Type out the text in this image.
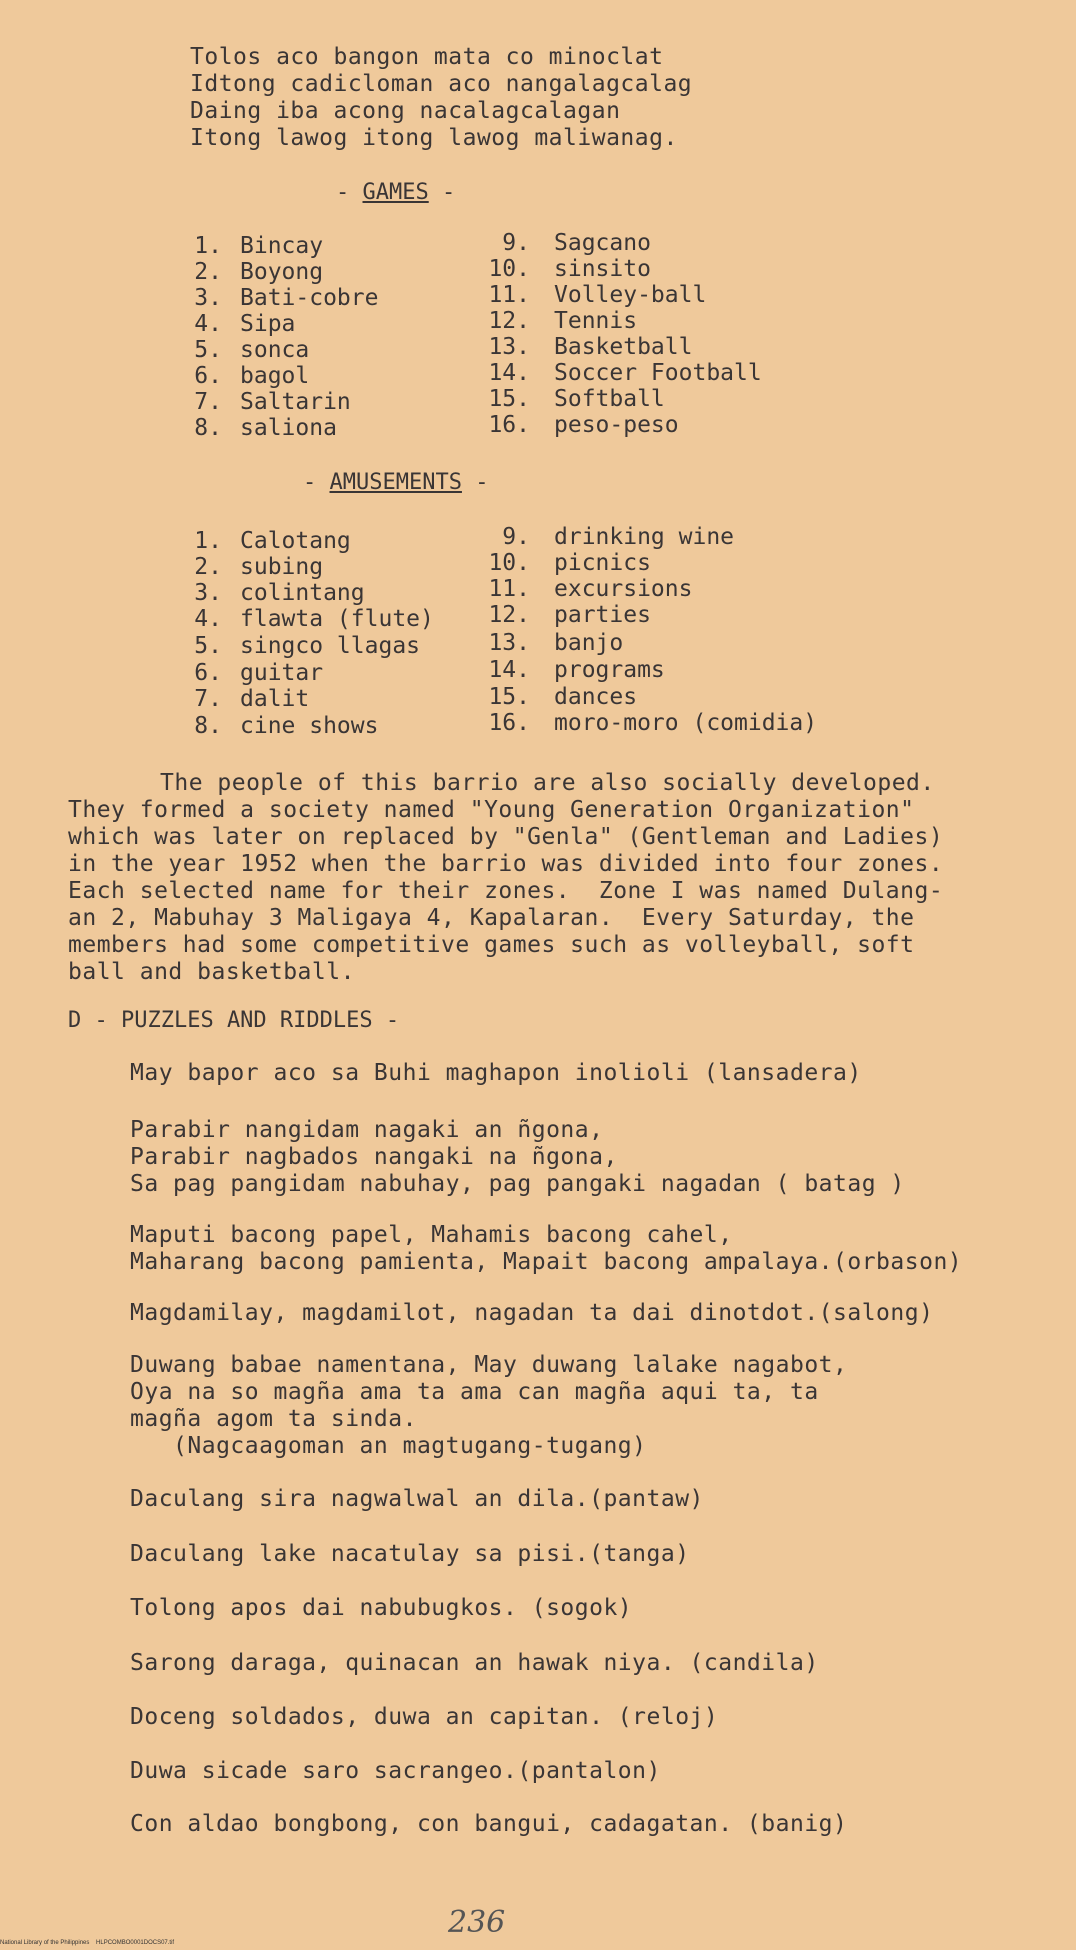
Tolos aco bangon mata co minoclat
Idtong cadicloman aco nangalagcalag
Daing iba acong nacalagcalagan
Itong lawog itong lawog maliwanag.
- GAMES -
1. Bincay
2. Boyong
3. Bati-cobre
4. Sipa
5. sonca
6. bagol
7. Saltarin
8. saliona
9. Sagcano
10. sinsito
11. Volley-ball
12. Tennis
13. Basketball
14. Soccer Football
15. Softball
16. peso-peso
- AMUSEMENTS -
1. Calotang
2. subing
3. colintang
4. flawta (flute)
5. singco llagas
6. guitar
7. dalit
8. cine shows
9. drinking wine
10. picnics
11. excursions
12. parties
13. banjo
14. programs
15. dances
16. moro-moro (comidia)
The people of this barrio are also socially developed.
They formed a society named "Young Generation Organization"
which was later on replaced by "Genla" (Gentleman and Ladies)
in the year 1952 when the barrio was divided into four zones.
Each selected name for their zones.  Zone I was named Dulang-
an 2, Mabuhay 3 Maligaya 4, Kapalaran.  Every Saturday, the
members had some competitive games such as volleyball, soft
ball and basketball.
D - PUZZLES AND RIDDLES -
May bapor aco sa Buhi maghapon inolioli (lansadera)
Parabir nangidam nagaki an ñgona,
Parabir nagbados nangaki na ñgona,
Sa pag pangidam nabuhay, pag pangaki nagadan ( batag )
Maputi bacong papel, Mahamis bacong cahel,
Maharang bacong pamienta, Mapait bacong ampalaya.(orbason)
Magdamilay, magdamilot, nagadan ta dai dinotdot.(salong)
Duwang babae namentana, May duwang lalake nagabot,
Oya na so magña ama ta ama can magña aqui ta, ta
magña agom ta sinda.
(Nagcaagoman an magtugang-tugang)
Daculang sira nagwalwal an dila.(pantaw)
Daculang lake nacatulay sa pisi.(tanga)
Tolong apos dai nabubugkos. (sogok)
Sarong daraga, quinacan an hawak niya. (candila)
Doceng soldados, duwa an capitan. (reloj)
Duwa sicade saro sacrangeo.(pantalon)
Con aldao bongbong, con bangui, cadagatan. (banig)
236
National Library of the Philippines    HLPCOMBO0001DOCS07.tif
